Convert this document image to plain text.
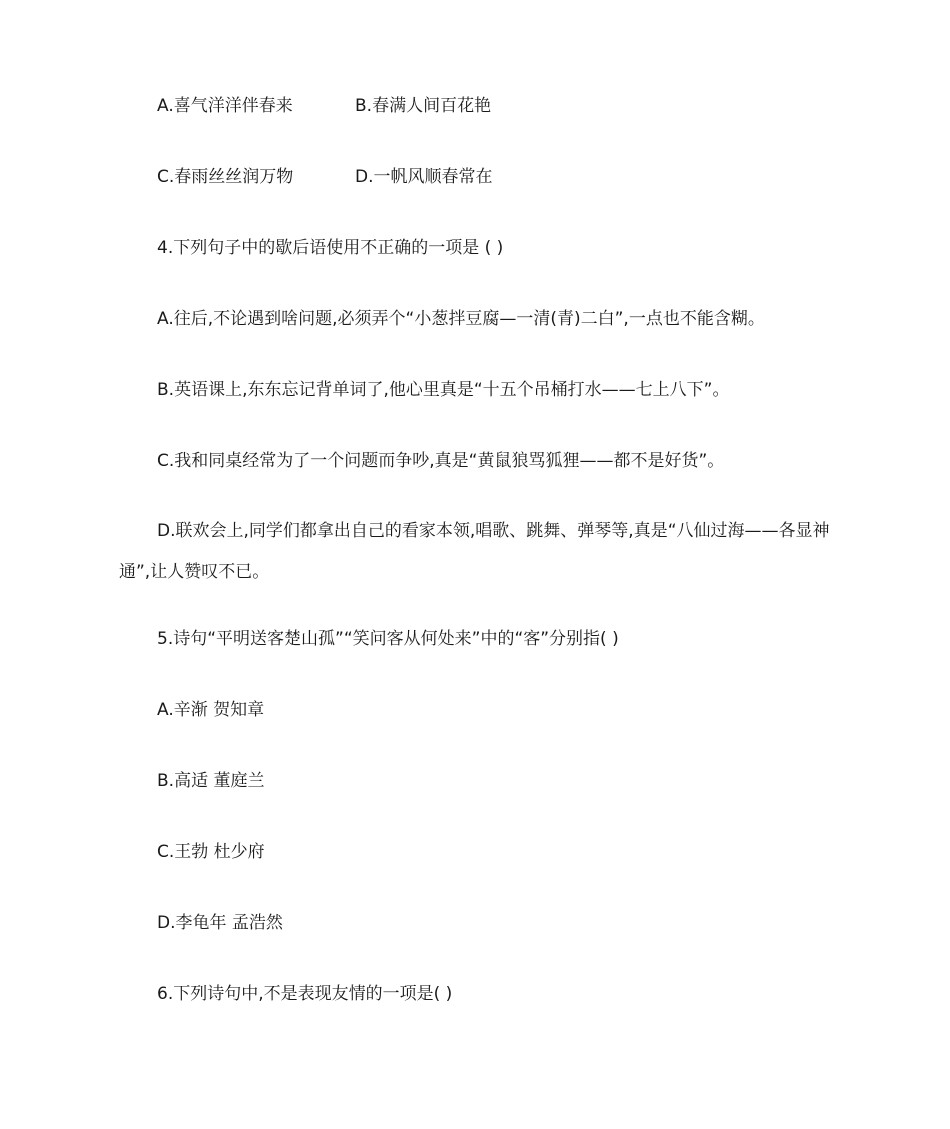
A.喜气洋洋伴春来	B.春满人间百花艳
C.春雨丝丝润万物	D.一帆风顺春常在
4.下列句子中的歇后语使用不正确的一项是 ( )
A.往后,不论遇到啥问题,必须弄个“小葱拌豆腐—一清(青)二白”,一点也不能含糊。
B.英语课上,东东忘记背单词了,他心里真是“十五个吊桶打水——七上八下”。
C.我和同桌经常为了一个问题而争吵,真是“黄鼠狼骂狐狸——都不是好货”。
D.联欢会上,同学们都拿出自己的看家本领,唱歌、跳舞、弹琴等,真是“八仙过海——各显神通”,让人赞叹不已。
5.诗句“平明送客楚山孤”“笑问客从何处来”中的“客”分别指( )
A.辛渐 贺知章
B.高适 董庭兰
C.王勃 杜少府
D.李龟年 孟浩然
6.下列诗句中,不是表现友情的一项是( )
